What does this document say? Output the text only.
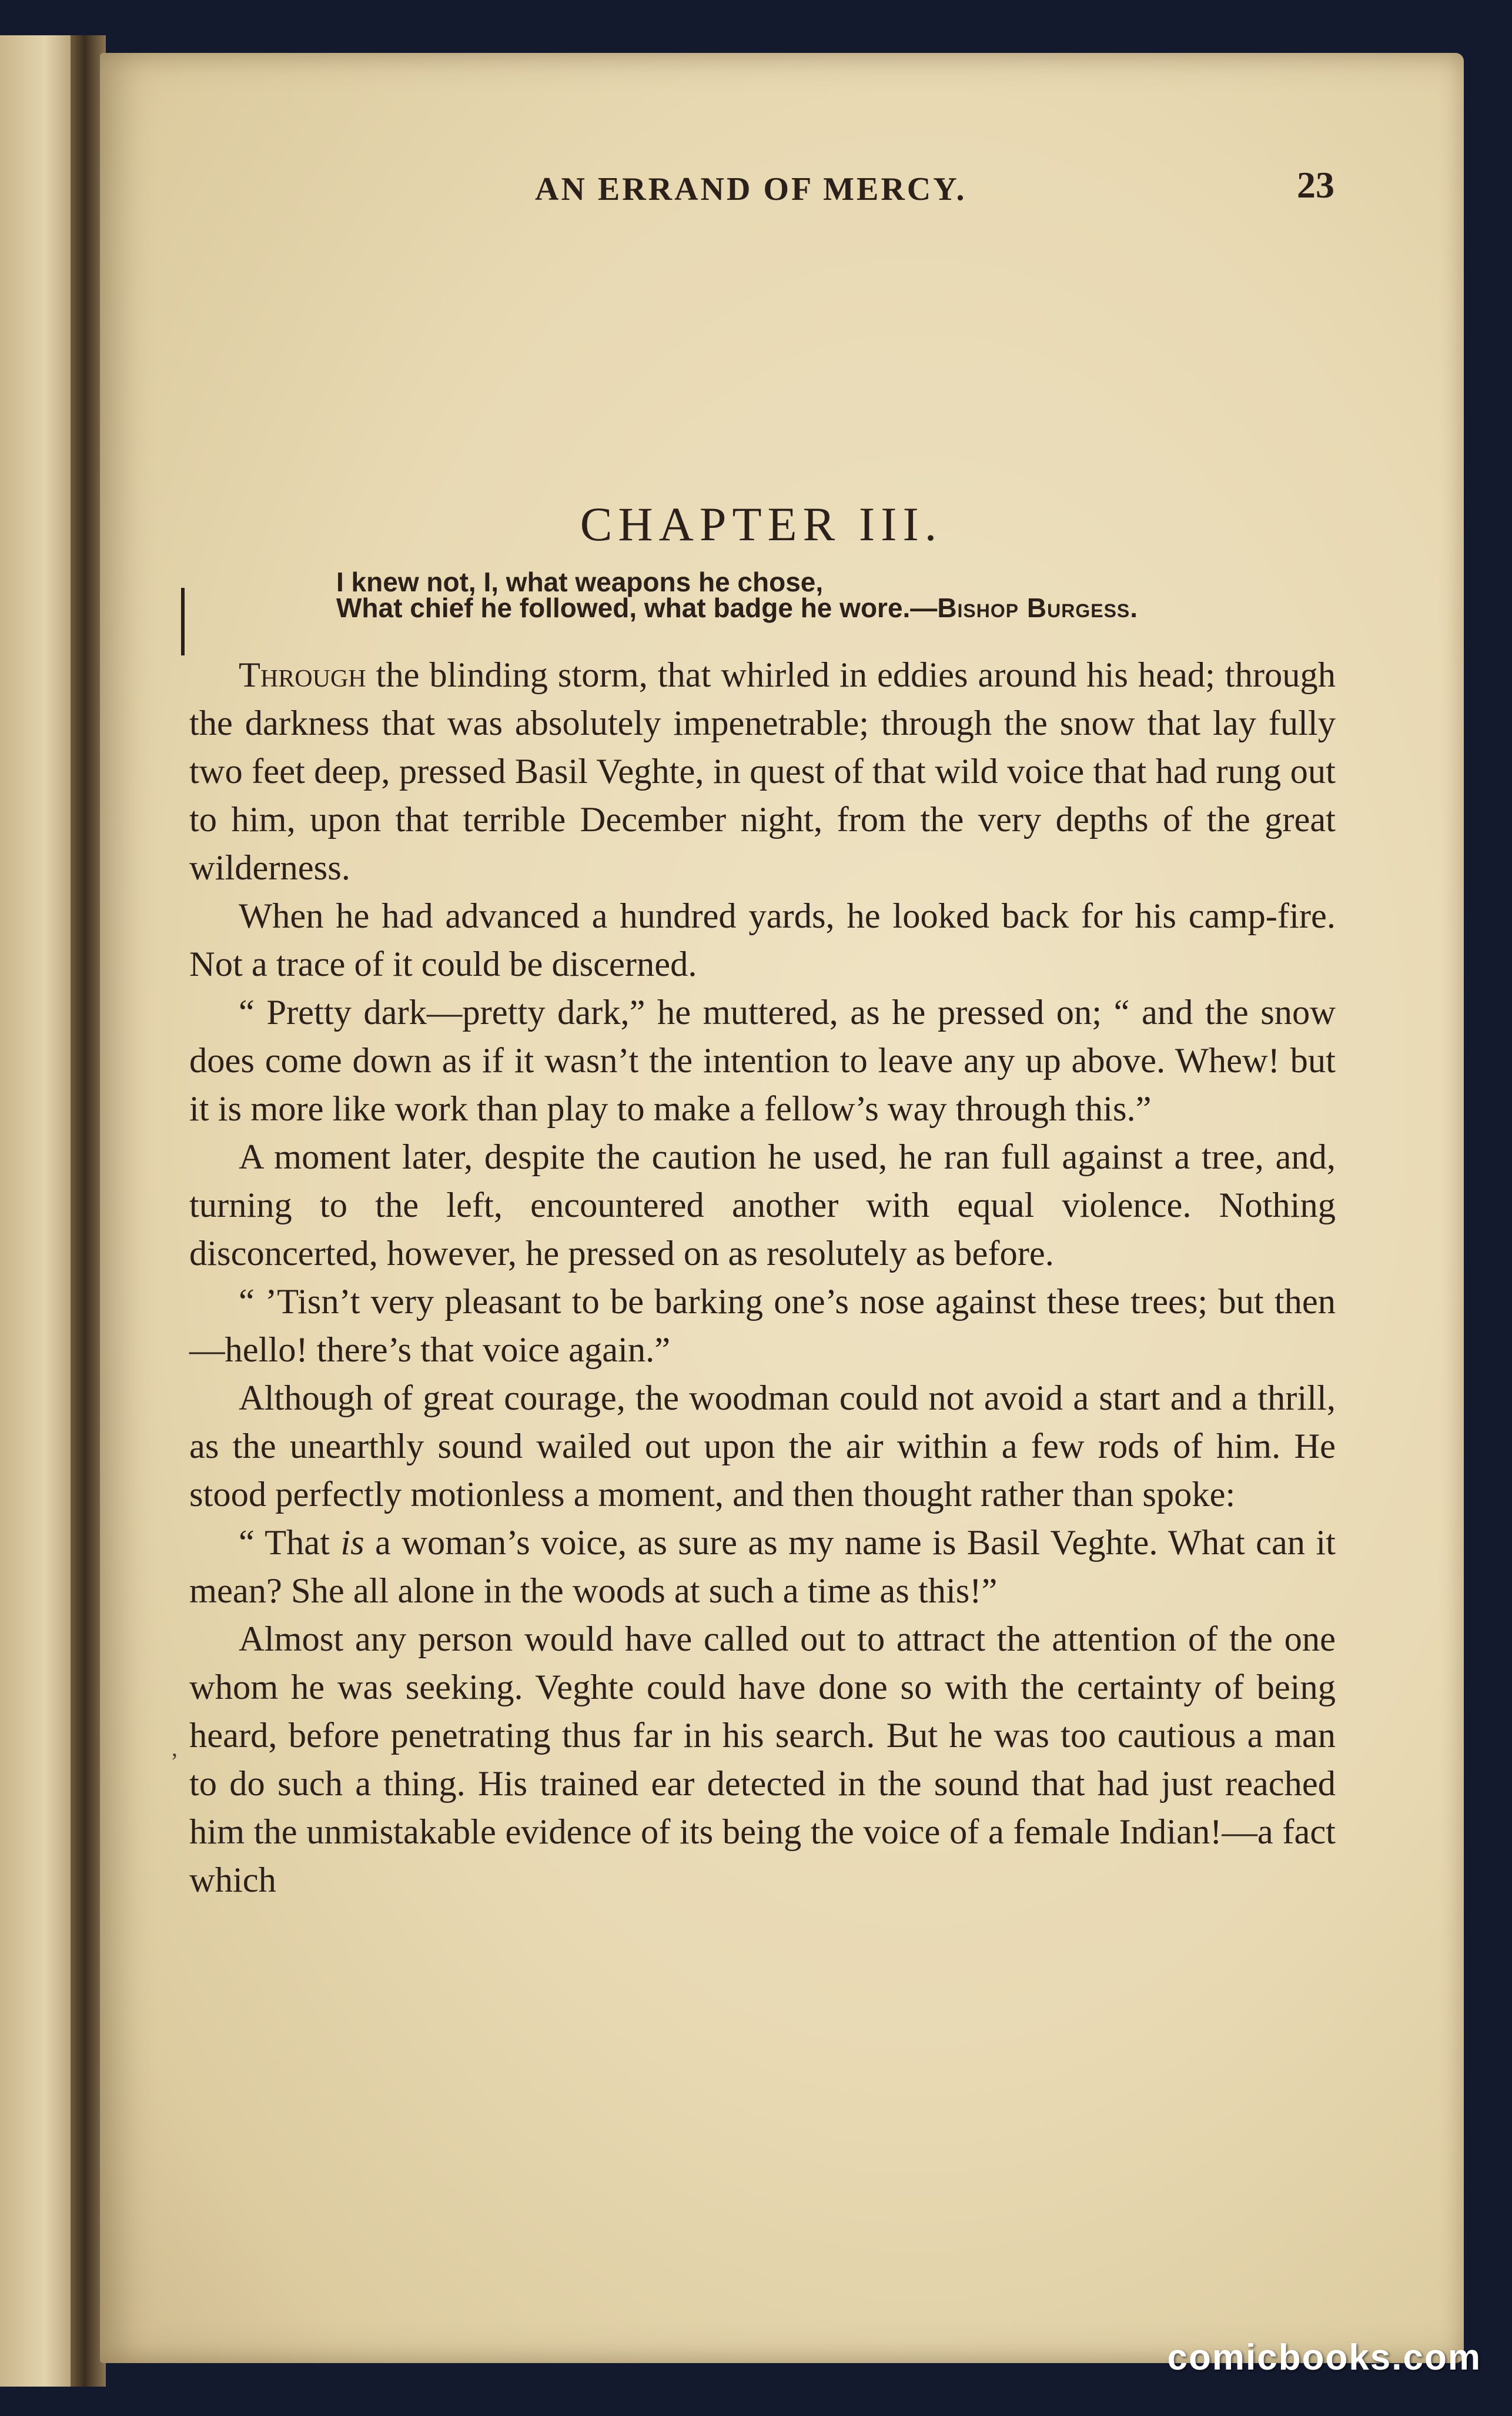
AN ERRAND OF MERCY.	23
CHAPTER III.
I knew not, I, what weapons he chose,
What chief he followed, what badge he wore.—Bishop Burgess.

Through the blinding storm, that whirled in eddies around his head; through the darkness that was absolutely impenetrable; through the snow that lay fully two feet deep, pressed Basil Veghte, in quest of that wild voice that had rung out to him, upon that terrible December night, from the very depths of the great wilderness.

When he had advanced a hundred yards, he looked back for his camp-fire. Not a trace of it could be discerned.

“ Pretty dark—pretty dark,” he muttered, as he pressed on; “ and the snow does come down as if it wasn’t the intention to leave any up above. Whew! but it is more like work than play to make a fellow’s way through this.”

A moment later, despite the caution he used, he ran full against a tree, and, turning to the left, encountered another with equal violence. Nothing disconcerted, however, he pressed on as resolutely as before.

“ ’Tisn’t very pleasant to be barking one’s nose against these trees; but then—hello! there’s that voice again.”

Although of great courage, the woodman could not avoid a start and a thrill, as the unearthly sound wailed out upon the air within a few rods of him. He stood perfectly motionless a moment, and then thought rather than spoke:

“ That is a woman’s voice, as sure as my name is Basil Veghte. What can it mean? She all alone in the woods at such a time as this!”

Almost any person would have called out to attract the attention of the one whom he was seeking. Veghte could have done so with the certainty of being heard, before penetrating thus far in his search. But he was too cautious a man to do such a thing. His trained ear detected in the sound that had just reached him the unmistakable evidence of its being the voice of a female Indian!—a fact which

‚
comicbooks.com
